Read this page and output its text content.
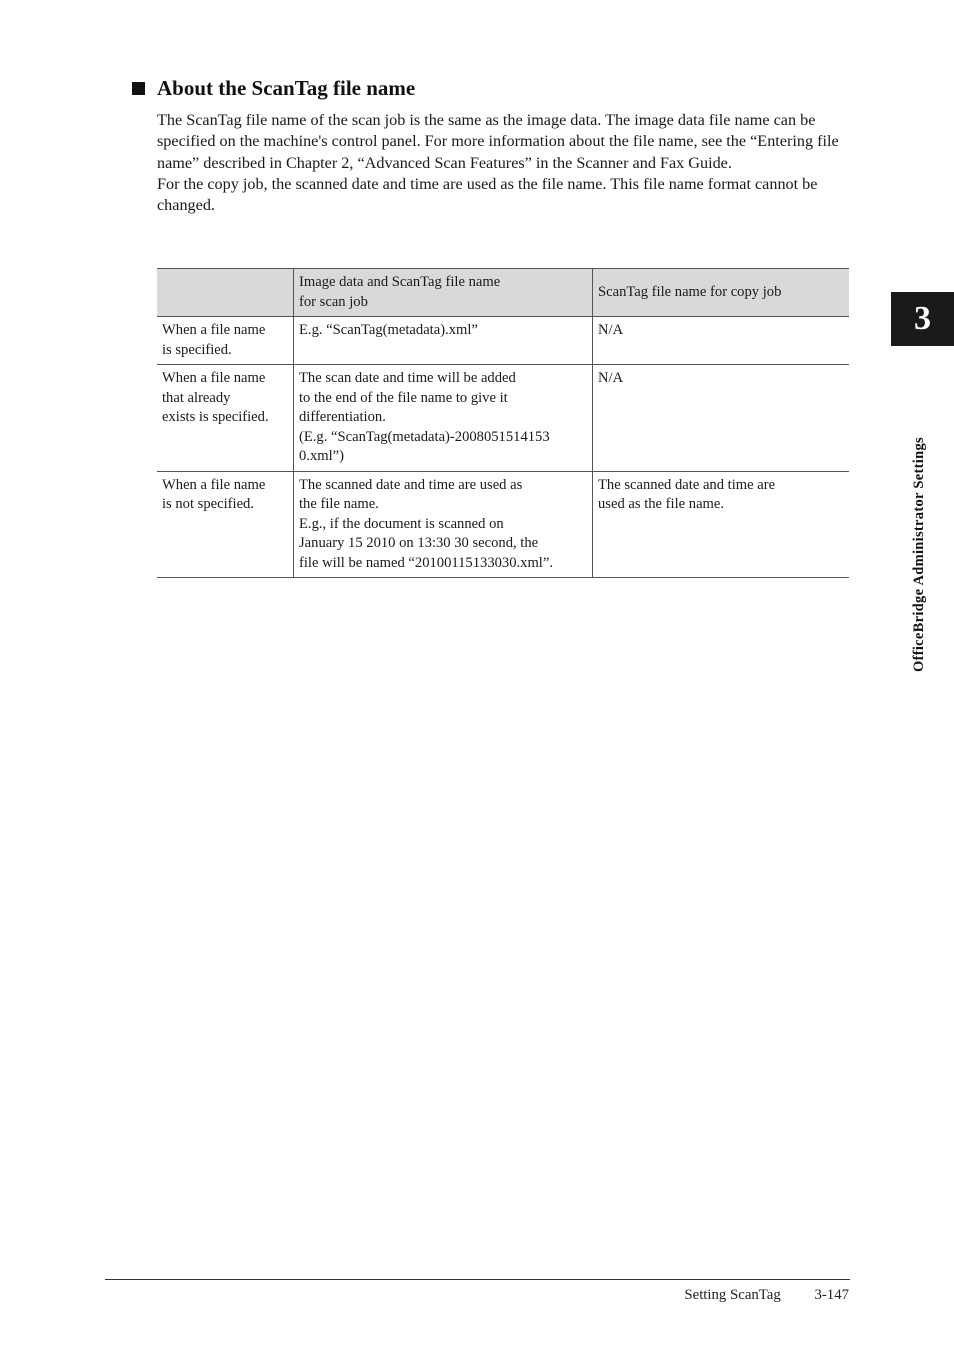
About the ScanTag file name

The ScanTag file name of the scan job is the same as the image data. The image data file name can be specified on the machine's control panel. For more information about the file name, see the “Entering file name” described in Chapter 2, “Advanced Scan Features” in the Scanner and Fax Guide.

For the copy job, the scanned date and time are used as the file name. This file name format cannot be changed.

	Image data and ScanTag file name
for scan job	ScanTag file name for copy job

When a file name
is specified.	E.g. “ScanTag(metadata).xml”	N/A

When a file name
that already
exists is specified.	The scan date and time will be added
to the end of the file name to give it
differentiation.
(E.g. “ScanTag(metadata)-2008051514153
0.xml”)	N/A

When a file name
is not specified.	The scanned date and time are used as
the file name.
E.g., if the document is scanned on
January 15 2010 on 13:30 30 second, the
file will be named “20100115133030.xml”.	The scanned date and time are
used as the file name.
3
OfficeBridge Administrator Settings
Setting ScanTag 3-147
